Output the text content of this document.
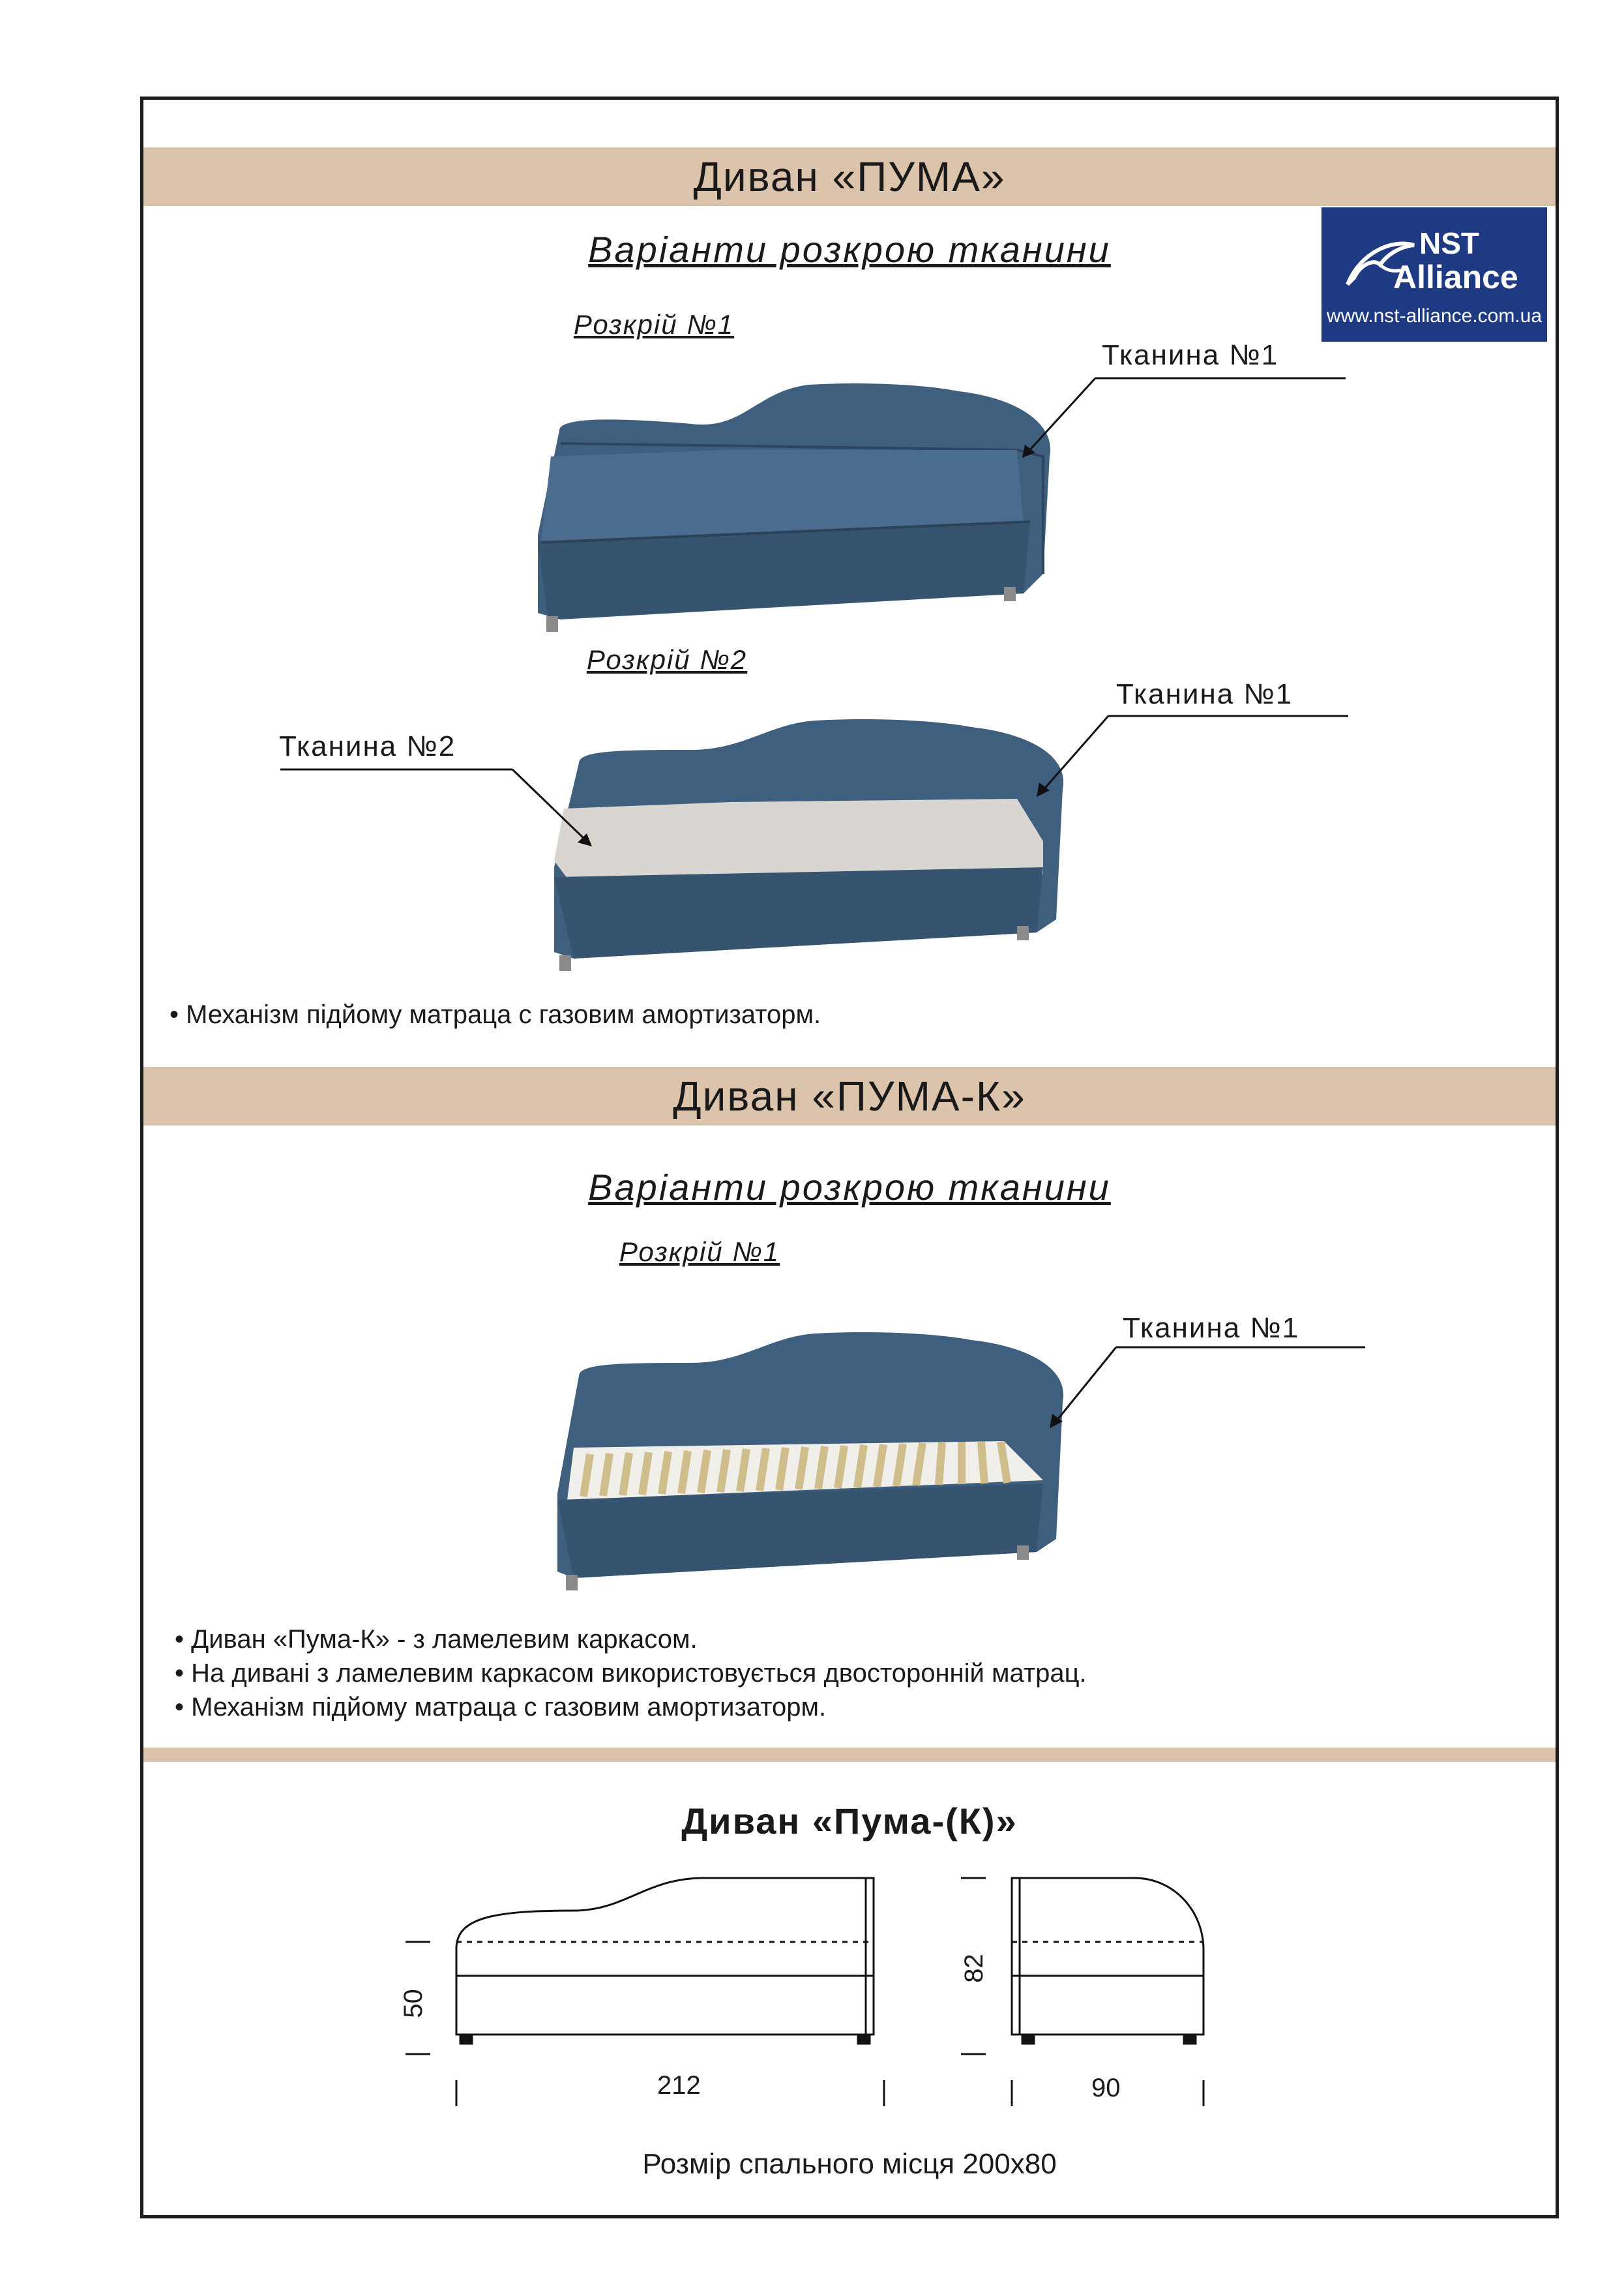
Диван «ПУМА»
Варіанти розкрою тканини	NST
Alliance
www.nst-alliance.com.ua
Розкрій №1
Тканина №1
Розкрій №2
Тканина №1
Тканина №2
• Механізм підйому матраца с газовим амортизаторм.
Диван «ПУМА-К»
Варіанти розкрою тканини
Розкрій №1
Тканина №1
• Диван «Пума-К» - з ламелевим каркасом.
• На дивані з ламелевим каркасом використовується двосторонній матрац.
• Механізм підйому матраца с газовим амортизаторм.
Диван «Пума-(К)»
50
82
212	90
Розмір спального місця 200х80
